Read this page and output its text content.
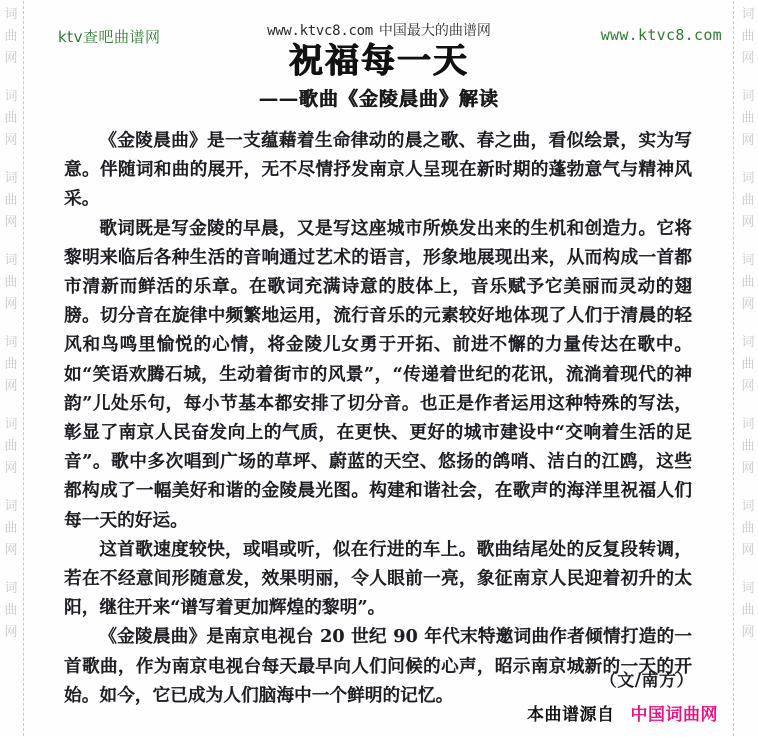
词
曲
网
词
曲
网
词
曲
网
词
曲
网
词
曲
网
词
曲
网
词
曲
网
词
曲
网
词
曲
网
词
曲
网
词
曲
网
词
曲
网
词
曲
网
词
曲
网
词
曲
网
词
曲
网
ktv查吧曲谱网	www.ktvc8.com 中国最大的曲谱网	www.ktvc8.com
祝福每一天
——歌曲《金陵晨曲》解读

《金陵晨曲》是一支蕴藉着生命律动的晨之歌、春之曲，看似绘景，实为写意。伴随词和曲的展开，无不尽情抒发南京人呈现在新时期的蓬勃意气与精神风采。

歌词既是写金陵的早晨，又是写这座城市所焕发出来的生机和创造力。它将黎明来临后各种生活的音响通过艺术的语言，形象地展现出来，从而构成一首都市清新而鲜活的乐章。在歌词充满诗意的肢体上，音乐赋予它美丽而灵动的翅膀。切分音在旋律中频繁地运用，流行音乐的元素较好地体现了人们于清晨的轻风和鸟鸣里愉悦的心情，将金陵儿女勇于开拓、前进不懈的力量传达在歌中。如“笑语欢腾石城，生动着街市的风景”，“传递着世纪的花讯，流淌着现代的神韵”儿处乐句，每小节基本都安排了切分音。也正是作者运用这种特殊的写法，彰显了南京人民奋发向上的气质，在更快、更好的城市建设中“交响着生活的足音”。歌中多次唱到广场的草坪、蔚蓝的天空、悠扬的鸽哨、洁白的江鸥，这些都构成了一幅美好和谐的金陵晨光图。构建和谐社会，在歌声的海洋里祝福人们每一天的好运。

这首歌速度较快，或唱或听，似在行进的车上。歌曲结尾处的反复段转调，若在不经意间形随意发，效果明丽，令人眼前一亮，象征南京人民迎着初升的太阳，继往开来“谱写着更加辉煌的黎明”。

《金陵晨曲》是南京电视台 20 世纪 90 年代末特邀词曲作者倾情打造的一首歌曲，作为南京电视台每天最早向人们问候的心声，昭示南京城新的一天的开始。如今，它已成为人们脑海中一个鲜明的记忆。

（文/南方）
本曲谱源自 中国词曲网
